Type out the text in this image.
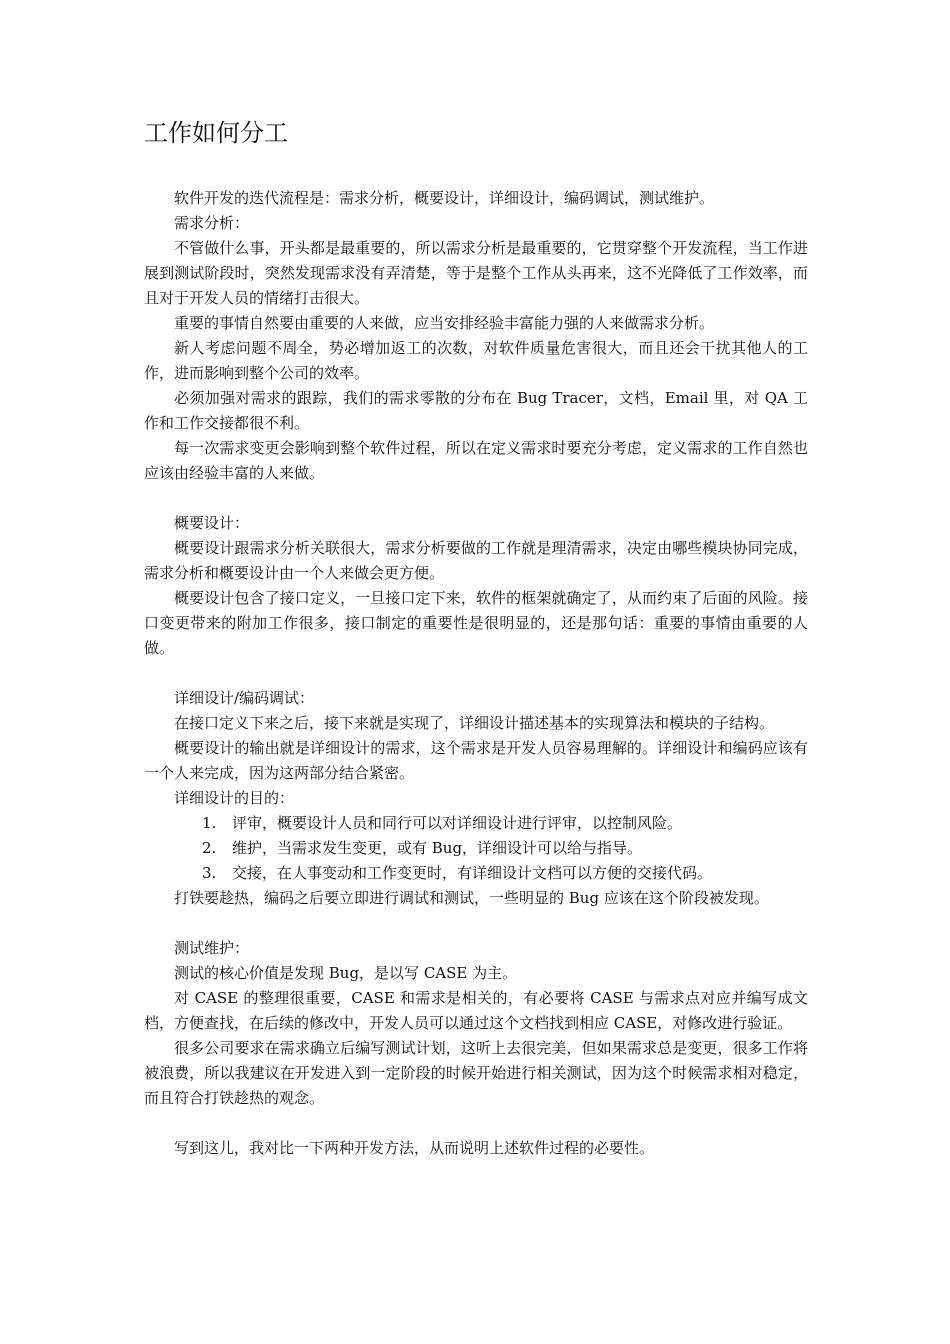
工作如何分工

软件开发的迭代流程是：需求分析，概要设计，详细设计，编码调试，测试维护。

需求分析：

不管做什么事，开头都是最重要的，所以需求分析是最重要的，它贯穿整个开发流程，当工作进展到测试阶段时，突然发现需求没有弄清楚，等于是整个工作从头再来，这不光降低了工作效率，而且对于开发人员的情绪打击很大。

重要的事情自然要由重要的人来做，应当安排经验丰富能力强的人来做需求分析。

新人考虑问题不周全，势必增加返工的次数，对软件质量危害很大，而且还会干扰其他人的工作，进而影响到整个公司的效率。

必须加强对需求的跟踪，我们的需求零散的分布在 Bug Tracer，文档，Email 里，对 QA 工作和工作交接都很不利。

每一次需求变更会影响到整个软件过程，所以在定义需求时要充分考虑，定义需求的工作自然也应该由经验丰富的人来做。

概要设计：

概要设计跟需求分析关联很大，需求分析要做的工作就是理清需求，决定由哪些模块协同完成，需求分析和概要设计由一个人来做会更方便。

概要设计包含了接口定义，一旦接口定下来，软件的框架就确定了，从而约束了后面的风险。接口变更带来的附加工作很多，接口制定的重要性是很明显的，还是那句话：重要的事情由重要的人做。

详细设计/编码调试：

在接口定义下来之后，接下来就是实现了，详细设计描述基本的实现算法和模块的子结构。

概要设计的输出就是详细设计的需求，这个需求是开发人员容易理解的。详细设计和编码应该有一个人来完成，因为这两部分结合紧密。

详细设计的目的：

1. 评审，概要设计人员和同行可以对详细设计进行评审，以控制风险。

2. 维护，当需求发生变更，或有 Bug，详细设计可以给与指导。

3. 交接，在人事变动和工作变更时，有详细设计文档可以方便的交接代码。

打铁要趁热，编码之后要立即进行调试和测试，一些明显的 Bug 应该在这个阶段被发现。

测试维护：

测试的核心价值是发现 Bug，是以写 CASE 为主。

对 CASE 的整理很重要，CASE 和需求是相关的，有必要将 CASE 与需求点对应并编写成文档，方便查找，在后续的修改中，开发人员可以通过这个文档找到相应 CASE，对修改进行验证。

很多公司要求在需求确立后编写测试计划，这听上去很完美，但如果需求总是变更，很多工作将被浪费，所以我建议在开发进入到一定阶段的时候开始进行相关测试，因为这个时候需求相对稳定，而且符合打铁趁热的观念。

写到这儿，我对比一下两种开发方法，从而说明上述软件过程的必要性。
